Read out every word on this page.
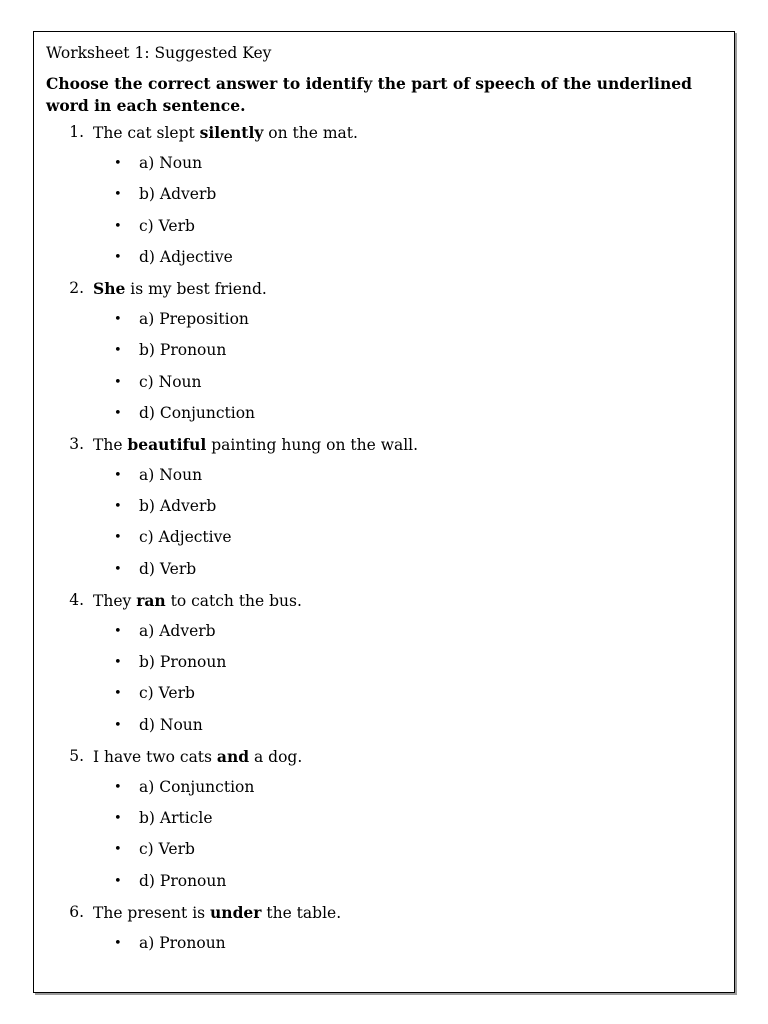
Worksheet 1: Suggested Key
Choose the correct answer to identify the part of speech of the underlined word in each sentence.
1. The cat slept silently on the mat.
• a) Noun
• b) Adverb
• c) Verb
• d) Adjective
2. She is my best friend.
• a) Preposition
• b) Pronoun
• c) Noun
• d) Conjunction
3. The beautiful painting hung on the wall.
• a) Noun
• b) Adverb
• c) Adjective
• d) Verb
4. They ran to catch the bus.
• a) Adverb
• b) Pronoun
• c) Verb
• d) Noun
5. I have two cats and a dog.
• a) Conjunction
• b) Article
• c) Verb
• d) Pronoun
6. The present is under the table.
• a) Pronoun
